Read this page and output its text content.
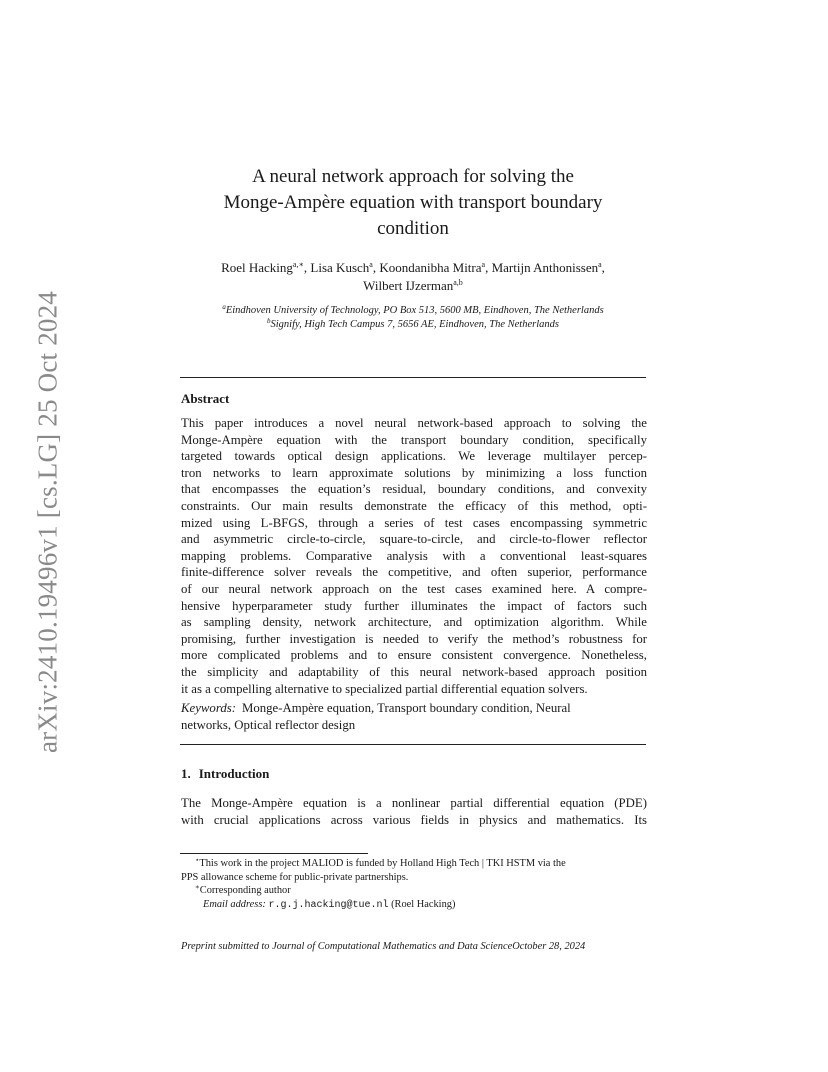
arXiv:2410.19496v1 [cs.LG] 25 Oct 2024
A neural network approach for solving the
Monge-Ampère equation with transport boundary
condition
Roel Hacking$^{a,∗}$, Lisa Kusch$^a$, Koondanibha Mitra$^a$, Martijn Anthonissen$^a$,
Wilbert IJzerman$^{a,b}$
$^a$Eindhoven University of Technology, PO Box 513, 5600 MB, Eindhoven, The Netherlands
$^b$Signify, High Tech Campus 7, 5656 AE, Eindhoven, The Netherlands
Abstract
This paper introduces a novel neural network-based approach to solving the
Monge-Ampère equation with the transport boundary condition, specifically
targeted towards optical design applications. We leverage multilayer percep-
tron networks to learn approximate solutions by minimizing a loss function
that encompasses the equation’s residual, boundary conditions, and convexity
constraints. Our main results demonstrate the efficacy of this method, opti-
mized using L-BFGS, through a series of test cases encompassing symmetric
and asymmetric circle-to-circle, square-to-circle, and circle-to-flower reflector
mapping problems. Comparative analysis with a conventional least-squares
finite-difference solver reveals the competitive, and often superior, performance
of our neural network approach on the test cases examined here. A compre-
hensive hyperparameter study further illuminates the impact of factors such
as sampling density, network architecture, and optimization algorithm. While
promising, further investigation is needed to verify the method’s robustness for
more complicated problems and to ensure consistent convergence. Nonetheless,
the simplicity and adaptability of this neural network-based approach position
it as a compelling alternative to specialized partial differential equation solvers.
Keywords: Monge-Ampère equation, Transport boundary condition, Neural
networks, Optical reflector design
1. Introduction
The Monge-Ampère equation is a nonlinear partial differential equation (PDE)
with crucial applications across various fields in physics and mathematics. Its
⋆This work in the project MALIOD is funded by Holland High Tech | TKI HSTM via the
PPS allowance scheme for public-private partnerships.
∗Corresponding author
Email address: r.g.j.hacking@tue.nl (Roel Hacking)
Preprint submitted to Journal of Computational Mathematics and Data ScienceOctober 28, 2024
